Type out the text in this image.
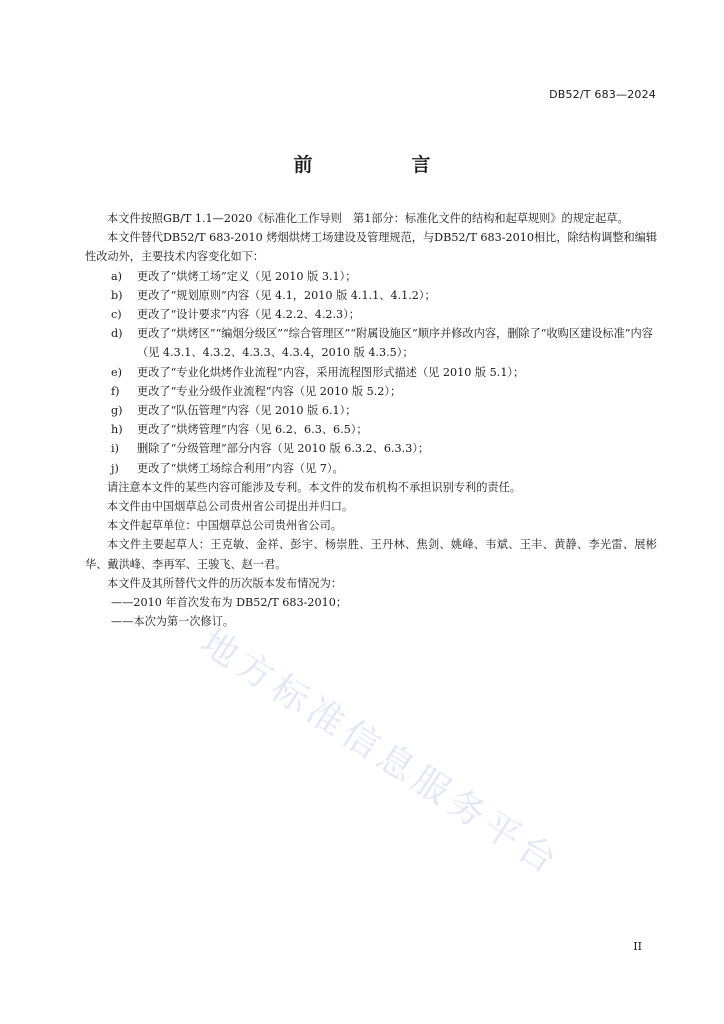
DB52/T 683—2024
前　言

本文件按照GB/T 1.1—2020《标准化工作导则　第1部分：标准化文件的结构和起草规则》的规定起草。

本文件替代DB52/T 683-2010 烤烟烘烤工场建设及管理规范，与DB52/T 683-2010相比，除结构调整和编辑性改动外，主要技术内容变化如下：

a)	更改了“烘烤工场”定义（见 2010 版 3.1）；
b)	更改了“规划原则”内容（见 4.1，2010 版 4.1.1、4.1.2）；
c)	更改了“设计要求”内容（见 4.2.2、4.2.3）；
d)	更改了“烘烤区”“编烟分级区”“综合管理区”“附属设施区”顺序并修改内容，删除了“收购区建设标准”内容（见 4.3.1、4.3.2、4.3.3、4.3.4，2010 版 4.3.5）；
e)	更改了“专业化烘烤作业流程”内容，采用流程图形式描述（见 2010 版 5.1）；
f)	更改了“专业分级作业流程”内容（见 2010 版 5.2）；
g)	更改了“队伍管理”内容（见 2010 版 6.1）；
h)	更改了“烘烤管理”内容（见 6.2、6.3、6.5）；
i)	删除了“分级管理”部分内容（见 2010 版 6.3.2、6.3.3）；
j)	更改了“烘烤工场综合利用”内容（见 7）。

请注意本文件的某些内容可能涉及专利。本文件的发布机构不承担识别专利的责任。

本文件由中国烟草总公司贵州省公司提出并归口。

本文件起草单位：中国烟草总公司贵州省公司。

本文件主要起草人：王克敏、金祥、彭宇、杨崇胜、王丹林、焦剑、姚峰、韦斌、王丰、黄静、李光雷、展彬华、戴洪峰、李再军、王骏飞、赵一君。

本文件及其所替代文件的历次版本发布情况为：

——2010 年首次发布为 DB52/T 683-2010；

——本次为第一次修订。

地方标准信息服务平台
II
